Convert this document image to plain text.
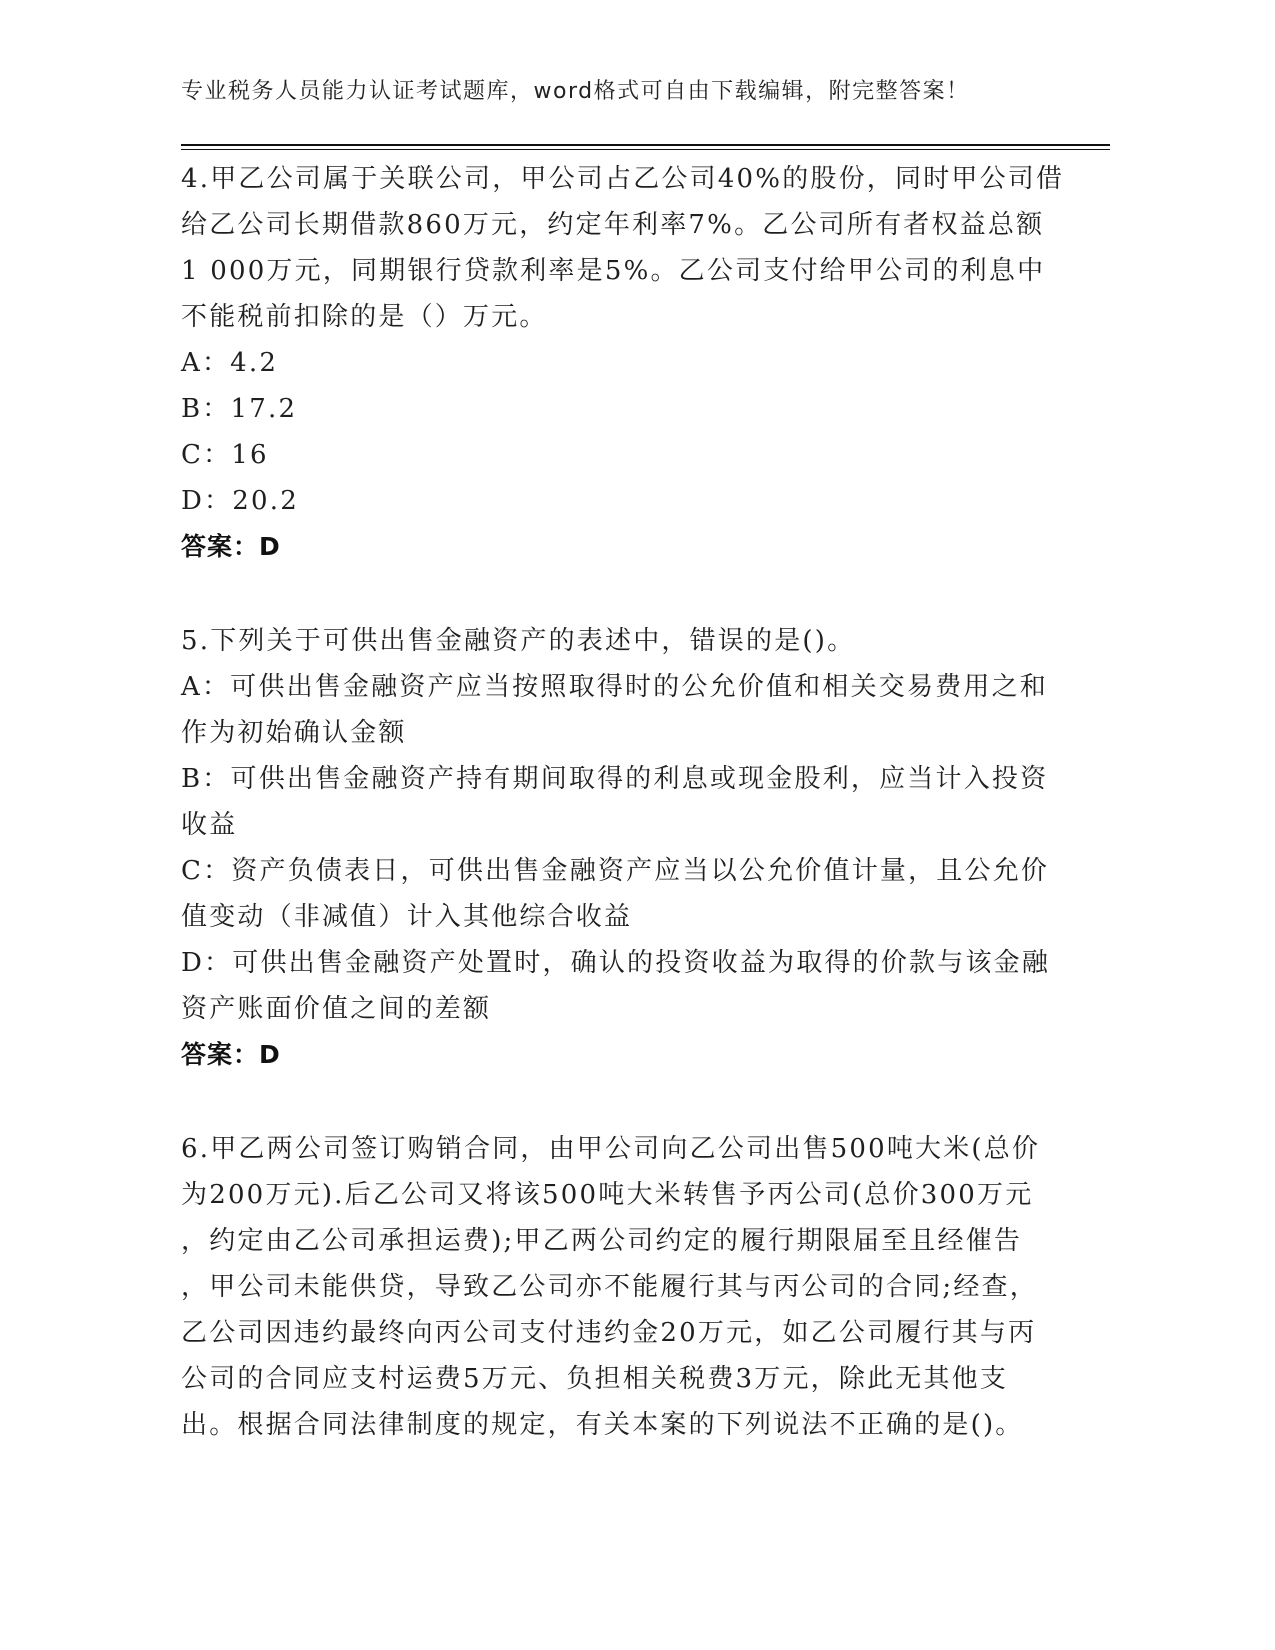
专业税务人员能力认证考试题库，word格式可自由下载编辑，附完整答案！
4.甲乙公司属于关联公司，甲公司占乙公司40%的股份，同时甲公司借
给乙公司长期借款860万元，约定年利率7%。乙公司所有者权益总额
1 000万元，同期银行贷款利率是5%。乙公司支付给甲公司的利息中
不能税前扣除的是（）万元。
A：4.2
B：17.2
C：16
D：20.2
答案：D
5.下列关于可供出售金融资产的表述中，错误的是()。
A：可供出售金融资产应当按照取得时的公允价值和相关交易费用之和
作为初始确认金额
B：可供出售金融资产持有期间取得的利息或现金股利，应当计入投资
收益
C：资产负债表日，可供出售金融资产应当以公允价值计量，且公允价
值变动（非减值）计入其他综合收益
D：可供出售金融资产处置时，确认的投资收益为取得的价款与该金融
资产账面价值之间的差额
答案：D
6.甲乙两公司签订购销合同，由甲公司向乙公司出售500吨大米(总价
为200万元).后乙公司又将该500吨大米转售予丙公司(总价300万元
，约定由乙公司承担运费);甲乙两公司约定的履行期限届至且经催告
，甲公司未能供贷，导致乙公司亦不能履行其与丙公司的合同;经查，
乙公司因违约最终向丙公司支付违约金20万元，如乙公司履行其与丙
公司的合同应支村运费5万元、负担相关税费3万元，除此无其他支
出。根据合同法律制度的规定，有关本案的下列说法不正确的是()。
